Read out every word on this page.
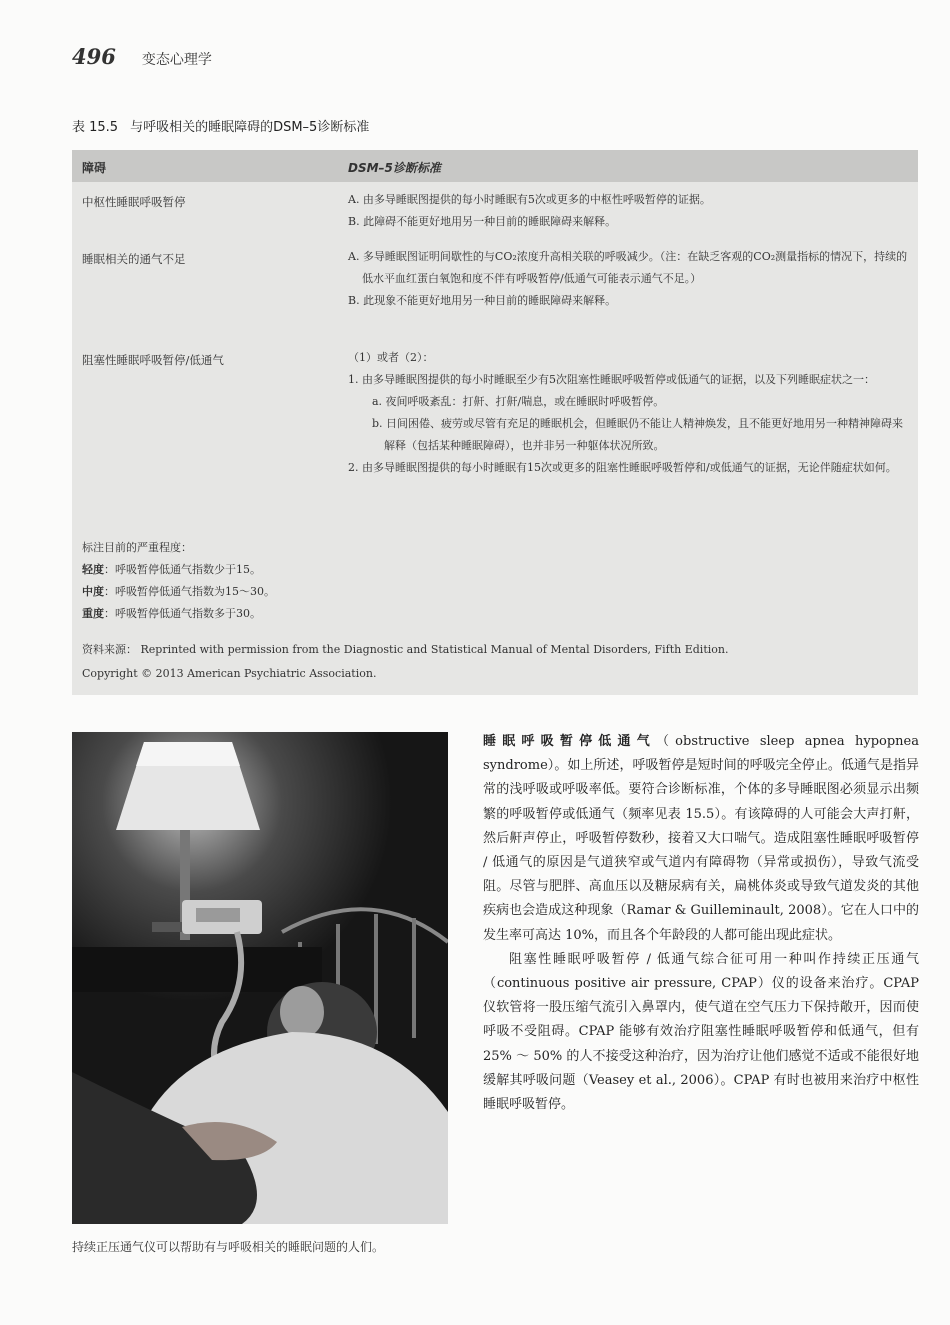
496 变态心理学
表 15.5 与呼吸相关的睡眠障碍的DSM–5诊断标准
障碍	DSM–5诊断标准
中枢性睡眠呼吸暂停	A. 由多导睡眠图提供的每小时睡眠有5次或更多的中枢性呼吸暂停的证据。

B. 此障碍不能更好地用另一种目前的睡眠障碍来解释。

睡眠相关的通气不足	A. 多导睡眠图证明间歇性的与CO₂浓度升高相关联的呼吸减少。（注：在缺乏客观的CO₂测量指标的情况下，持续的低水平血红蛋白氧饱和度不伴有呼吸暂停/低通气可能表示通气不足。）

B. 此现象不能更好地用另一种目前的睡眠障碍来解释。

阻塞性睡眠呼吸暂停/低通气	（1）或者（2）：

1. 由多导睡眠图提供的每小时睡眠至少有5次阻塞性睡眠呼吸暂停或低通气的证据，以及下列睡眠症状之一：

a. 夜间呼吸紊乱：打鼾、打鼾/喘息，或在睡眠时呼吸暂停。

b. 日间困倦、疲劳或尽管有充足的睡眠机会，但睡眠仍不能让人精神焕发，且不能更好地用另一种精神障碍来解释（包括某种睡眠障碍），也并非另一种躯体状况所致。

2. 由多导睡眠图提供的每小时睡眠有15次或更多的阻塞性睡眠呼吸暂停和/或低通气的证据，无论伴随症状如何。

标注目前的严重程度：
轻度：呼吸暂停低通气指数少于15。
中度：呼吸暂停低通气指数为15～30。
重度：呼吸暂停低通气指数多于30。
资料来源： Reprinted with permission from the Diagnostic and Statistical Manual of Mental Disorders, Fifth Edition.
Copyright © 2013 American Psychiatric Association.
持续正压通气仪可以帮助有与呼吸相关的睡眠问题的人们。

睡眠呼吸暂停低通气（obstructive sleep apnea hypopnea syndrome）。如上所述，呼吸暂停是短时间的呼吸完全停止。低通气是指异常的浅呼吸或呼吸率低。要符合诊断标准，个体的多导睡眠图必须显示出频繁的呼吸暂停或低通气（频率见表 15.5）。有该障碍的人可能会大声打鼾，然后鼾声停止，呼吸暂停数秒，接着又大口喘气。造成阻塞性睡眠呼吸暂停 / 低通气的原因是气道狭窄或气道内有障碍物（异常或损伤），导致气流受阻。尽管与肥胖、高血压以及糖尿病有关，扁桃体炎或导致气道发炎的其他疾病也会造成这种现象（Ramar & Guilleminault, 2008）。它在人口中的发生率可高达 10%，而且各个年龄段的人都可能出现此症状。

阻塞性睡眠呼吸暂停 / 低通气综合征可用一种叫作持续正压通气（continuous positive air pressure, CPAP）仪的设备来治疗。CPAP 仪软管将一股压缩气流引入鼻罩内，使气道在空气压力下保持敞开，因而使呼吸不受阻碍。CPAP 能够有效治疗阻塞性睡眠呼吸暂停和低通气，但有 25% ～ 50% 的人不接受这种治疗，因为治疗让他们感觉不适或不能很好地缓解其呼吸问题（Veasey et al., 2006）。CPAP 有时也被用来治疗中枢性睡眠呼吸暂停。
